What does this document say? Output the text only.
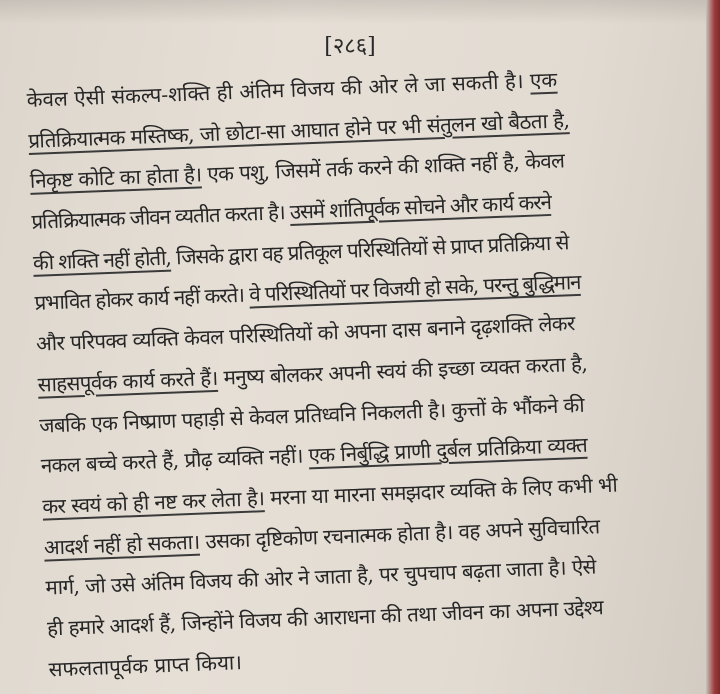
[२८६]
केवल ऐसी संकल्प-शक्ति ही अंतिम विजय की ओर ले जा सकती है। एक
प्रतिक्रियात्मक मस्तिष्क, जो छोटा-सा आघात होने पर भी संतुलन खो बैठता है,
निकृष्ट कोटि का होता है। एक पशु, जिसमें तर्क करने की शक्ति नहीं है, केवल
प्रतिक्रियात्मक जीवन व्यतीत करता है। उसमें शांतिपूर्वक सोचने और कार्य करने
की शक्ति नहीं होती, जिसके द्वारा वह प्रतिकूल परिस्थितियों से प्राप्त प्रतिक्रिया से
प्रभावित होकर कार्य नहीं करते। वे परिस्थितियों पर विजयी हो सके, परन्तु बुद्धिमान
और परिपक्व व्यक्ति केवल परिस्थितियों को अपना दास बनाने दृढ़शक्ति लेकर
साहसपूर्वक कार्य करते हैं। मनुष्य बोलकर अपनी स्वयं की इच्छा व्यक्त करता है,
जबकि एक निष्प्राण पहाड़ी से केवल प्रतिध्वनि निकलती है। कुत्तों के भौंकने की
नकल बच्चे करते हैं, प्रौढ़ व्यक्ति नहीं। एक निर्बुद्धि प्राणी दुर्बल प्रतिक्रिया व्यक्त
कर स्वयं को ही नष्ट कर लेता है। मरना या मारना समझदार व्यक्ति के लिए कभी भी
आदर्श नहीं हो सकता। उसका दृष्टिकोण रचनात्मक होता है। वह अपने सुविचारित
मार्ग, जो उसे अंतिम विजय की ओर ने जाता है, पर चुपचाप बढ़ता जाता है। ऐसे
ही हमारे आदर्श हैं, जिन्होंने विजय की आराधना की तथा जीवन का अपना उद्देश्य
सफलतापूर्वक प्राप्त किया।
